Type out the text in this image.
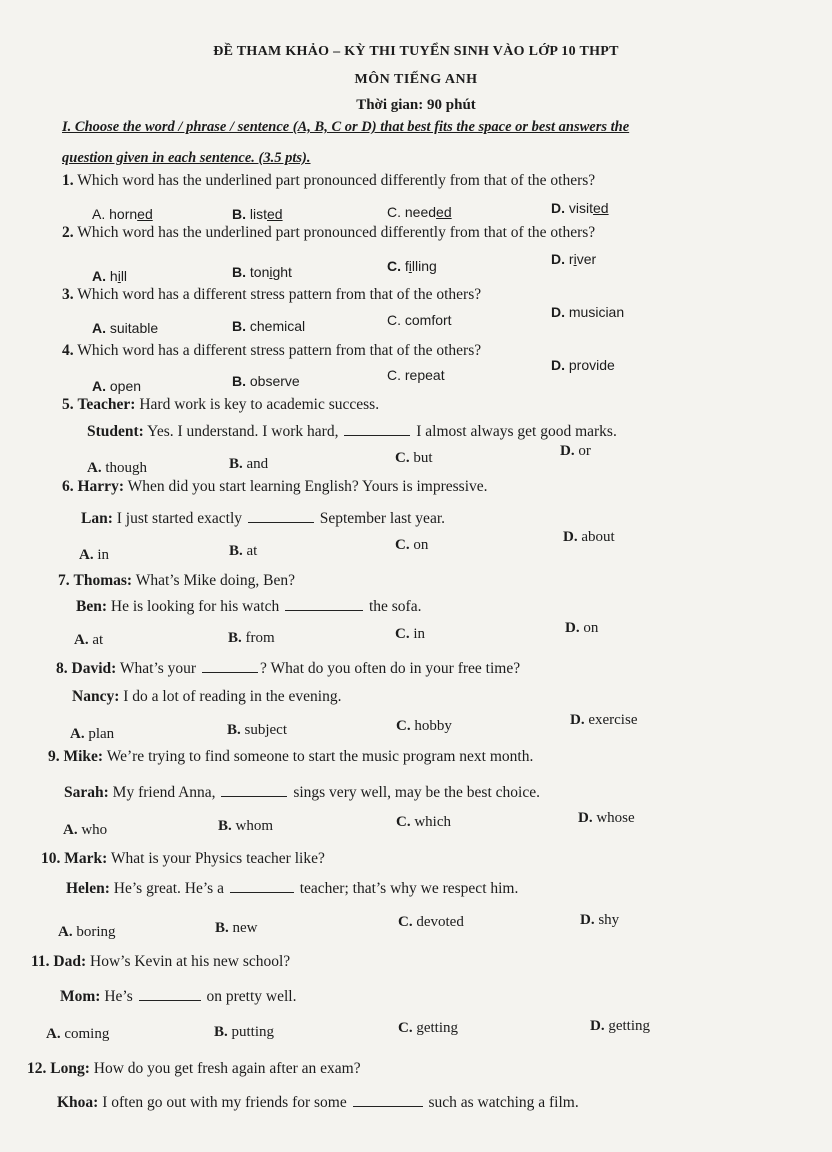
ĐỀ THAM KHẢO – KỲ THI TUYỂN SINH VÀO LỚP 10 THPT
MÔN TIẾNG ANH
Thời gian: 90 phút
I. Choose the word / phrase / sentence (A, B, C or D) that best fits the space or best answers the
question given in each sentence. (3.5 pts).
1. Which word has the underlined part pronounced differently from that of the others?
A. horned	B. listed	C. needed	D. visited
2. Which word has the underlined part pronounced differently from that of the others?
A. hill	B. tonight	C. filling	D. river
3. Which word has a different stress pattern from that of the others?
A. suitable	B. chemical	C. comfort	D. musician
4. Which word has a different stress pattern from that of the others?
A. open	B. observe	C. repeat
D. provide
5. Teacher: Hard work is key to academic success.
Student: Yes. I understand. I work hard,	I almost always get good marks.
A. though	B. and	C. but	D. or
6. Harry: When did you start learning English? Yours is impressive.
Lan: I just started exactly	September last year.
A. in	B. at	C. on	D. about
7. Thomas: What’s Mike doing, Ben?
Ben: He is looking for his watch	the sofa.
A. at	B. from	C. in	D. on
8. David: What’s your	? What do you often do in your free time?
Nancy: I do a lot of reading in the evening.
A. plan	B. subject	C. hobby	D. exercise
9. Mike: We’re trying to find someone to start the music program next month.
Sarah: My friend Anna,	sings very well, may be the best choice.
A. who	B. whom	C. which	D. whose
10. Mark: What is your Physics teacher like?
Helen: He’s great. He’s a	teacher; that’s why we respect him.
A. boring	B. new	C. devoted	D. shy
11. Dad: How’s Kevin at his new school?
Mom: He’s	on pretty well.
A. coming	B. putting	C. getting	D. getting
12. Long: How do you get fresh again after an exam?
Khoa: I often go out with my friends for some	such as watching a film.
